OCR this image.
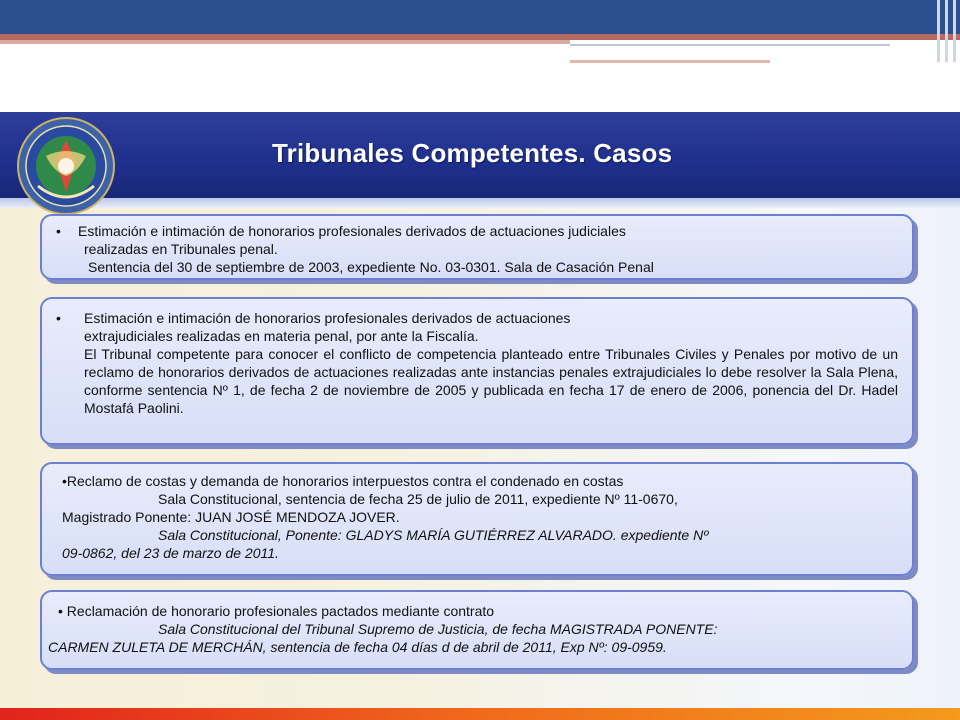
Tribunales Competentes. Casos
•	Estimación e intimación de honorarios profesionales derivados de actuaciones judiciales

realizadas en Tribunales penal.

Sentencia del 30 de septiembre de 2003, expediente No. 03-0301. Sala de Casación Penal

•	Estimación e intimación de honorarios profesionales derivados de actuaciones

extrajudiciales realizadas en materia penal, por ante la Fiscalía.

El Tribunal competente para conocer el conflicto de competencia planteado entre Tribunales Civiles y Penales por motivo de un reclamo de honorarios derivados de actuaciones realizadas ante instancias penales extrajudiciales lo debe resolver la Sala Plena, conforme sentencia Nº 1, de fecha 2 de noviembre de 2005 y publicada en fecha 17 de enero de 2006, ponencia del Dr. Hadel Mostafá Paolini.

•Reclamo de costas y demanda de honorarios interpuestos contra el condenado en costas

Sala Constitucional, sentencia de fecha 25 de julio de 2011, expediente Nº 11-0670,

Magistrado Ponente: JUAN JOSÉ MENDOZA JOVER.

Sala Constitucional, Ponente: GLADYS MARÍA GUTIÉRREZ ALVARADO. expediente Nº

09-0862, del 23 de marzo de 2011.

• Reclamación de honorario profesionales pactados mediante contrato

Sala Constitucional del Tribunal Supremo de Justicia, de fecha MAGISTRADA PONENTE:

CARMEN ZULETA DE MERCHÁN, sentencia de fecha 04 días d de abril de 2011, Exp Nº: 09-0959.
